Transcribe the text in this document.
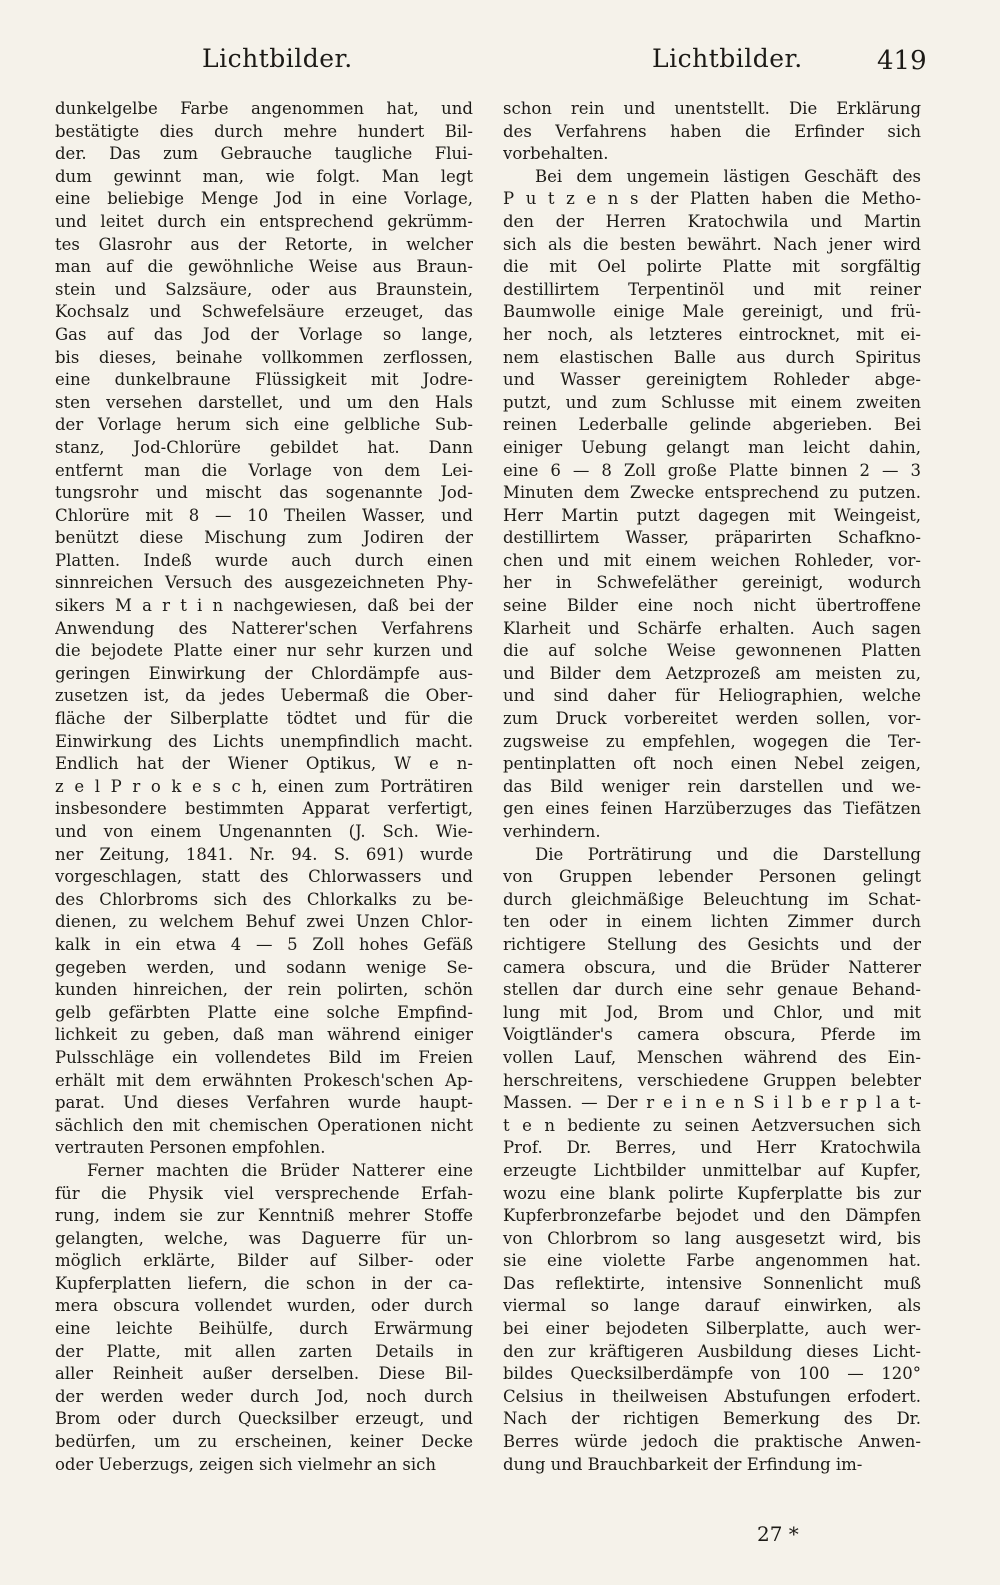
Lichtbilder.	Lichtbilder.	419
dunkelgelbe Farbe angenommen hat, und
bestätigte dies durch mehre hundert Bil-
der. Das zum Gebrauche taugliche Flui-
dum gewinnt man, wie folgt. Man legt
eine beliebige Menge Jod in eine Vorlage,
und leitet durch ein entsprechend gekrümm-
tes Glasrohr aus der Retorte, in welcher
man auf die gewöhnliche Weise aus Braun-
stein und Salzsäure, oder aus Braunstein,
Kochsalz und Schwefelsäure erzeuget, das
Gas auf das Jod der Vorlage so lange,
bis dieses, beinahe vollkommen zerflossen,
eine dunkelbraune Flüssigkeit mit Jodre-
sten versehen darstellet, und um den Hals
der Vorlage herum sich eine gelbliche Sub-
stanz, Jod-Chlorüre gebildet hat. Dann
entfernt man die Vorlage von dem Lei-
tungsrohr und mischt das sogenannte Jod-
Chlorüre mit 8 — 10 Theilen Wasser, und
benützt diese Mischung zum Jodiren der
Platten. Indeß wurde auch durch einen
sinnreichen Versuch des ausgezeichneten Phy-
sikers M a r t i n nachgewiesen, daß bei der
Anwendung des Natterer'schen Verfahrens
die bejodete Platte einer nur sehr kurzen und
geringen Einwirkung der Chlordämpfe aus-
zusetzen ist, da jedes Uebermaß die Ober-
fläche der Silberplatte tödtet und für die
Einwirkung des Lichts unempfindlich macht.
Endlich hat der Wiener Optikus, W e n-
z e l P r o k e s c h, einen zum Porträtiren
insbesondere bestimmten Apparat verfertigt,
und von einem Ungenannten (J. Sch. Wie-
ner Zeitung, 1841. Nr. 94. S. 691) wurde
vorgeschlagen, statt des Chlorwassers und
des Chlorbroms sich des Chlorkalks zu be-
dienen, zu welchem Behuf zwei Unzen Chlor-
kalk in ein etwa 4 — 5 Zoll hohes Gefäß
gegeben werden, und sodann wenige Se-
kunden hinreichen, der rein polirten, schön
gelb gefärbten Platte eine solche Empfind-
lichkeit zu geben, daß man während einiger
Pulsschläge ein vollendetes Bild im Freien
erhält mit dem erwähnten Prokesch'schen Ap-
parat. Und dieses Verfahren wurde haupt-
sächlich den mit chemischen Operationen nicht
vertrauten Personen empfohlen.
Ferner machten die Brüder Natterer eine
für die Physik viel versprechende Erfah-
rung, indem sie zur Kenntniß mehrer Stoffe
gelangten, welche, was Daguerre für un-
möglich erklärte, Bilder auf Silber- oder
Kupferplatten liefern, die schon in der ca-
mera obscura vollendet wurden, oder durch
eine leichte Beihülfe, durch Erwärmung
der Platte, mit allen zarten Details in
aller Reinheit außer derselben. Diese Bil-
der werden weder durch Jod, noch durch
Brom oder durch Quecksilber erzeugt, und
bedürfen, um zu erscheinen, keiner Decke
oder Ueberzugs, zeigen sich vielmehr an sich
schon rein und unentstellt. Die Erklärung
des Verfahrens haben die Erfinder sich
vorbehalten.
Bei dem ungemein lästigen Geschäft des
P u t z e n s der Platten haben die Metho-
den der Herren Kratochwila und Martin
sich als die besten bewährt. Nach jener wird
die mit Oel polirte Platte mit sorgfältig
destillirtem Terpentinöl und mit reiner
Baumwolle einige Male gereinigt, und frü-
her noch, als letzteres eintrocknet, mit ei-
nem elastischen Balle aus durch Spiritus
und Wasser gereinigtem Rohleder abge-
putzt, und zum Schlusse mit einem zweiten
reinen Lederballe gelinde abgerieben. Bei
einiger Uebung gelangt man leicht dahin,
eine 6 — 8 Zoll große Platte binnen 2 — 3
Minuten dem Zwecke entsprechend zu putzen.
Herr Martin putzt dagegen mit Weingeist,
destillirtem Wasser, präparirten Schafkno-
chen und mit einem weichen Rohleder, vor-
her in Schwefeläther gereinigt, wodurch
seine Bilder eine noch nicht übertroffene
Klarheit und Schärfe erhalten. Auch sagen
die auf solche Weise gewonnenen Platten
und Bilder dem Aetzprozeß am meisten zu,
und sind daher für Heliographien, welche
zum Druck vorbereitet werden sollen, vor-
zugsweise zu empfehlen, wogegen die Ter-
pentinplatten oft noch einen Nebel zeigen,
das Bild weniger rein darstellen und we-
gen eines feinen Harzüberzuges das Tiefätzen
verhindern.
Die Porträtirung und die Darstellung
von Gruppen lebender Personen gelingt
durch gleichmäßige Beleuchtung im Schat-
ten oder in einem lichten Zimmer durch
richtigere Stellung des Gesichts und der
camera obscura, und die Brüder Natterer
stellen dar durch eine sehr genaue Behand-
lung mit Jod, Brom und Chlor, und mit
Voigtländer's camera obscura, Pferde im
vollen Lauf, Menschen während des Ein-
herschreitens, verschiedene Gruppen belebter
Massen. — Der r e i n e n S i l b e r p l a t-
t e n bediente zu seinen Aetzversuchen sich
Prof. Dr. Berres, und Herr Kratochwila
erzeugte Lichtbilder unmittelbar auf Kupfer,
wozu eine blank polirte Kupferplatte bis zur
Kupferbronzefarbe bejodet und den Dämpfen
von Chlorbrom so lang ausgesetzt wird, bis
sie eine violette Farbe angenommen hat.
Das reflektirte, intensive Sonnenlicht muß
viermal so lange darauf einwirken, als
bei einer bejodeten Silberplatte, auch wer-
den zur kräftigeren Ausbildung dieses Licht-
bildes Quecksilberdämpfe von 100 — 120°
Celsius in theilweisen Abstufungen erfodert.
Nach der richtigen Bemerkung des Dr.
Berres würde jedoch die praktische Anwen-
dung und Brauchbarkeit der Erfindung im-
27 *
